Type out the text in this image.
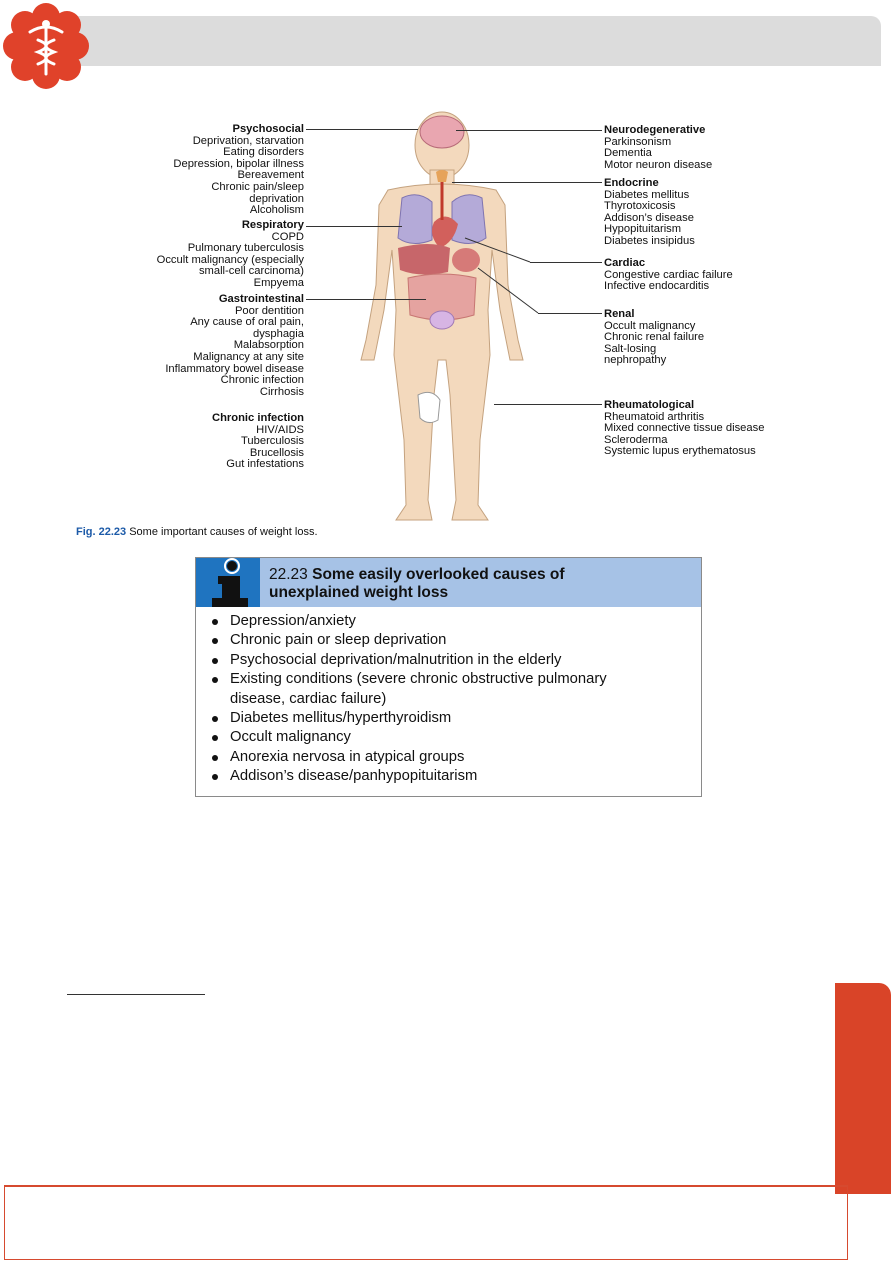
Psychosocial
Deprivation, starvation
Eating disorders
Depression, bipolar illness
Bereavement
Chronic pain/sleep
deprivation
Alcoholism
Respiratory
COPD
Pulmonary tuberculosis
Occult malignancy (especially
small-cell carcinoma)
Empyema
Gastrointestinal
Poor dentition
Any cause of oral pain,
dysphagia
Malabsorption
Malignancy at any site
Inflammatory bowel disease
Chronic infection
Cirrhosis
Chronic infection
HIV/AIDS
Tuberculosis
Brucellosis
Gut infestations
Neurodegenerative
Parkinsonism
Dementia
Motor neuron disease
Endocrine
Diabetes mellitus
Thyrotoxicosis
Addison’s disease
Hypopituitarism
Diabetes insipidus
Cardiac
Congestive cardiac failure
Infective endocarditis
Renal
Occult malignancy
Chronic renal failure
Salt-losing
nephropathy
Rheumatological
Rheumatoid arthritis
Mixed connective tissue disease
Scleroderma
Systemic lupus erythematosus
Fig. 22.23 Some important causes of weight loss.
22.23 Some easily overlooked causes of
unexplained weight loss
Depression/anxiety
Chronic pain or sleep deprivation
Psychosocial deprivation/malnutrition in the elderly
Existing conditions (severe chronic obstructive pulmonary
disease, cardiac failure)
Diabetes mellitus/hyperthyroidism
Occult malignancy
Anorexia nervosa in atypical groups
Addison’s disease/panhypopituitarism
